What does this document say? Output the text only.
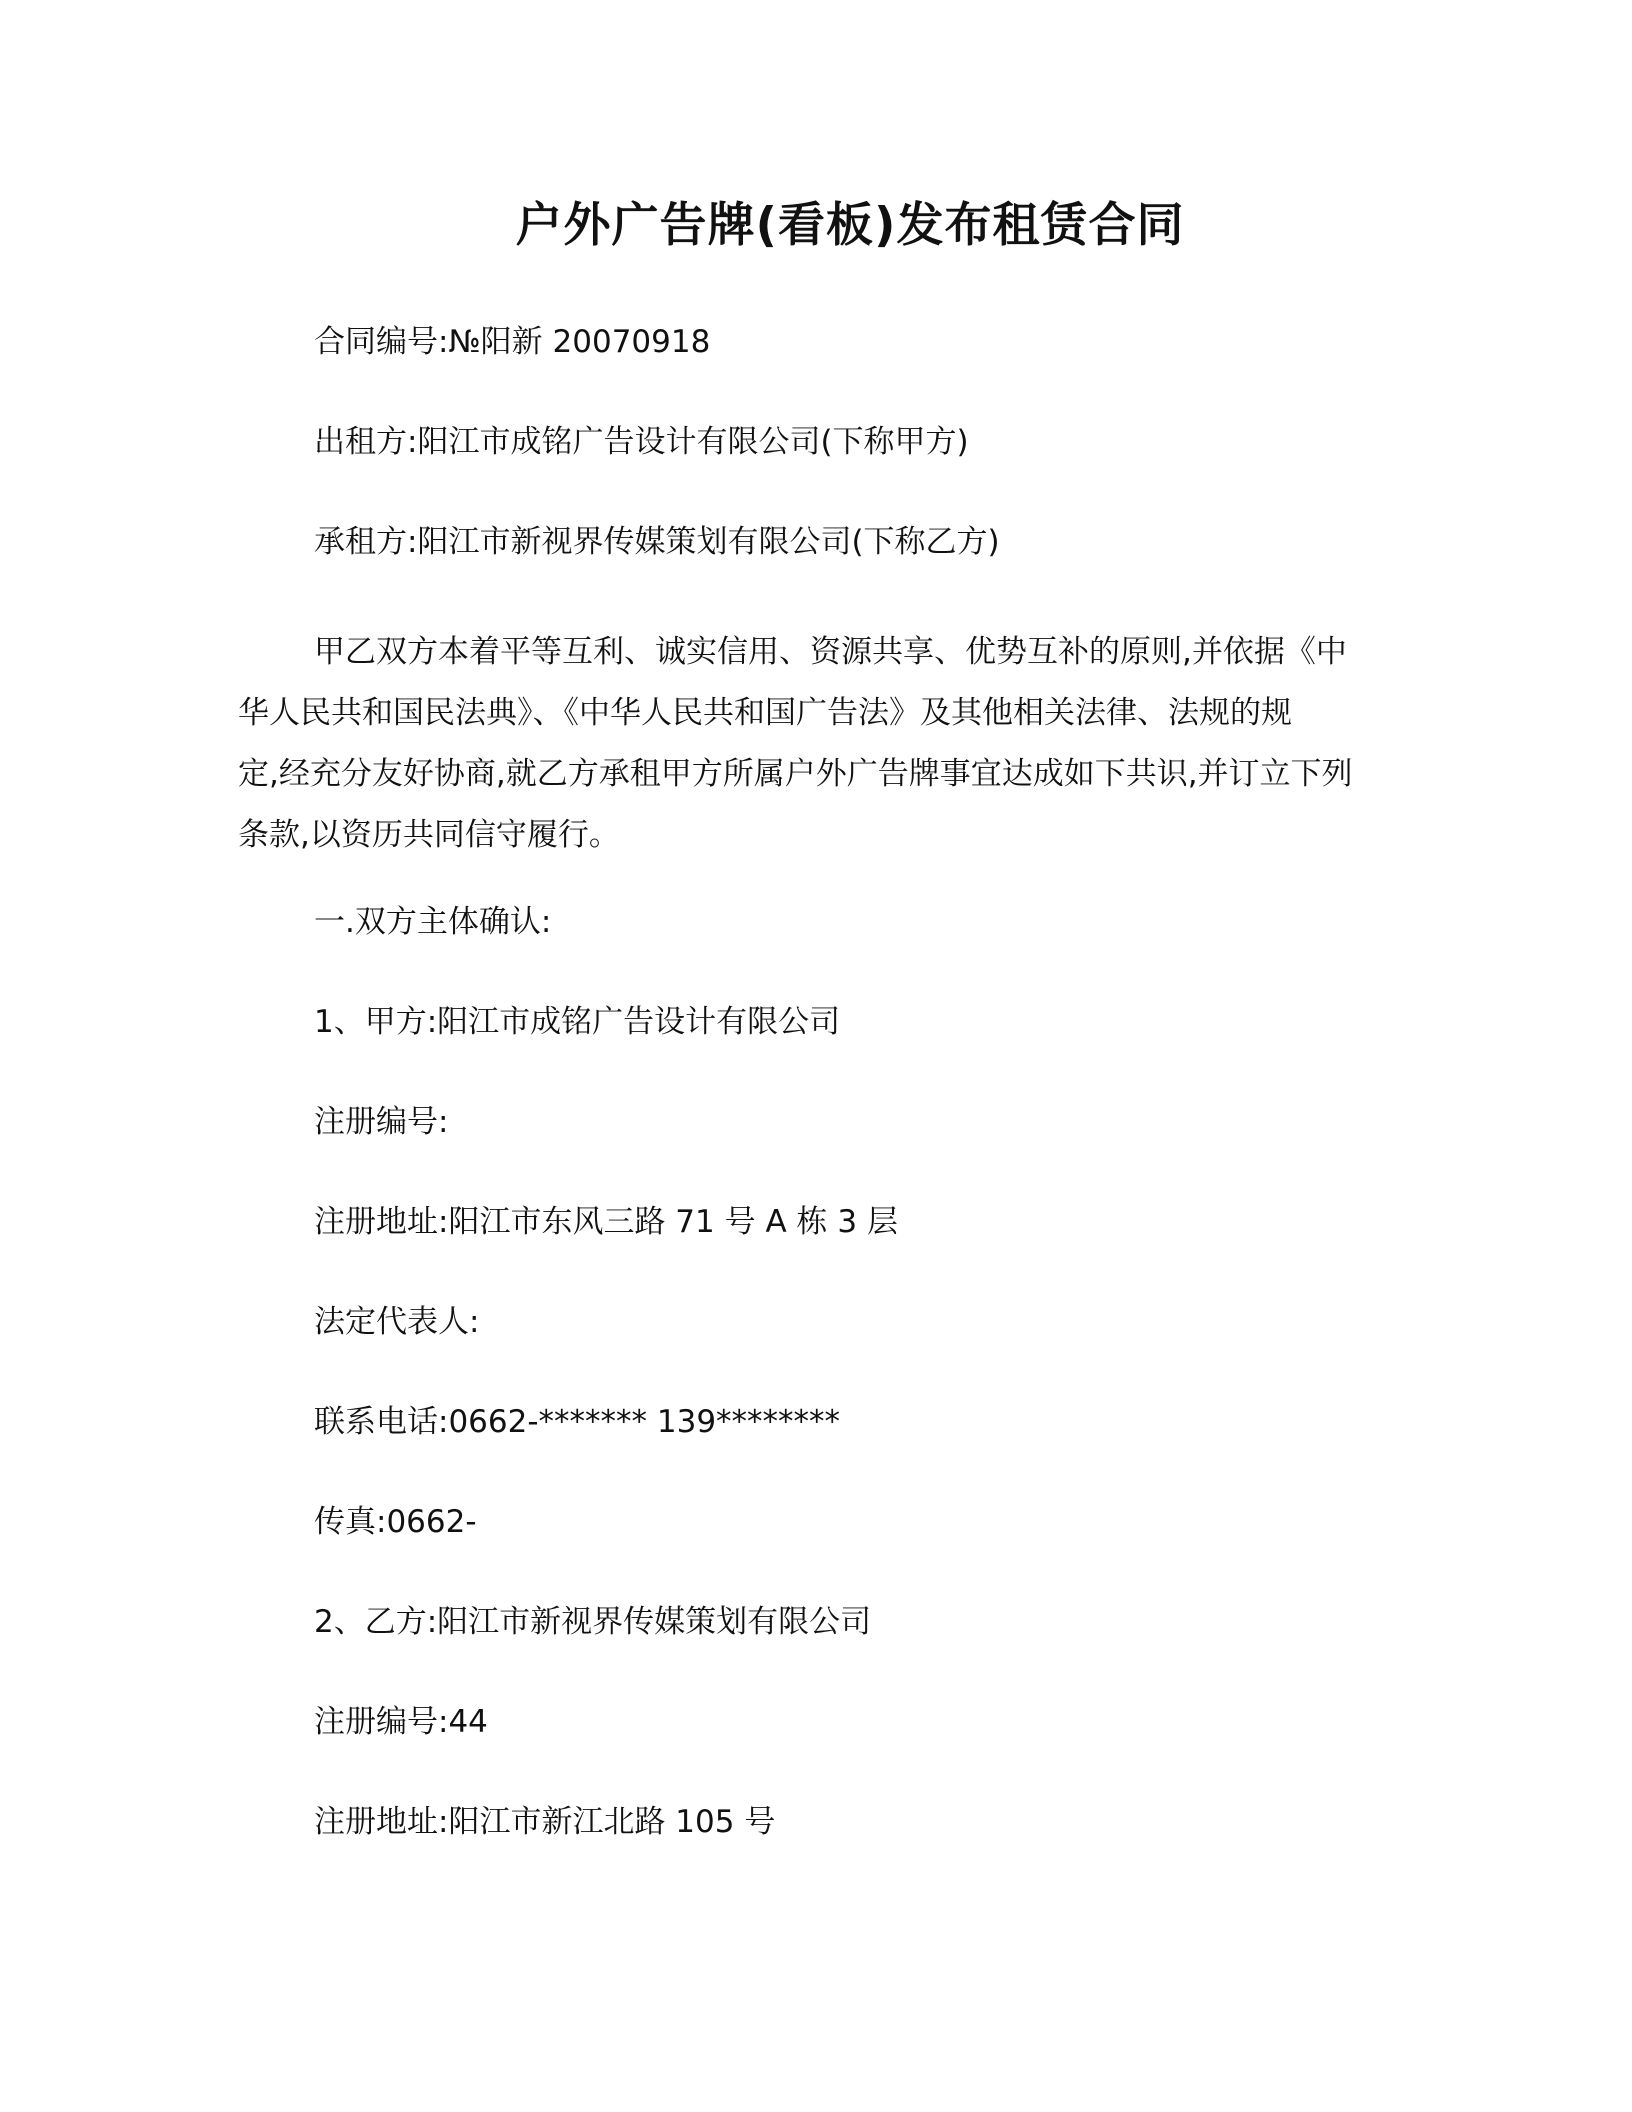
户外广告牌(看板)发布租赁合同
合同编号:№阳新 20070918
出租方:阳江市成铭广告设计有限公司(下称甲方)
承租方:阳江市新视界传媒策划有限公司(下称乙方)
甲乙双方本着平等互利、诚实信用、资源共享、优势互补的原则,并依据《中
华人民共和国民法典》、《中华人民共和国广告法》及其他相关法律、法规的规
定,经充分友好协商,就乙方承租甲方所属户外广告牌事宜达成如下共识,并订立下列
条款,以资历共同信守履行。
一.双方主体确认:
1、甲方:阳江市成铭广告设计有限公司
注册编号:
注册地址:阳江市东风三路 71 号 A 栋 3 层
法定代表人:
联系电话:0662-******* 139********
传真:0662-
2、乙方:阳江市新视界传媒策划有限公司
注册编号:44
注册地址:阳江市新江北路 105 号
